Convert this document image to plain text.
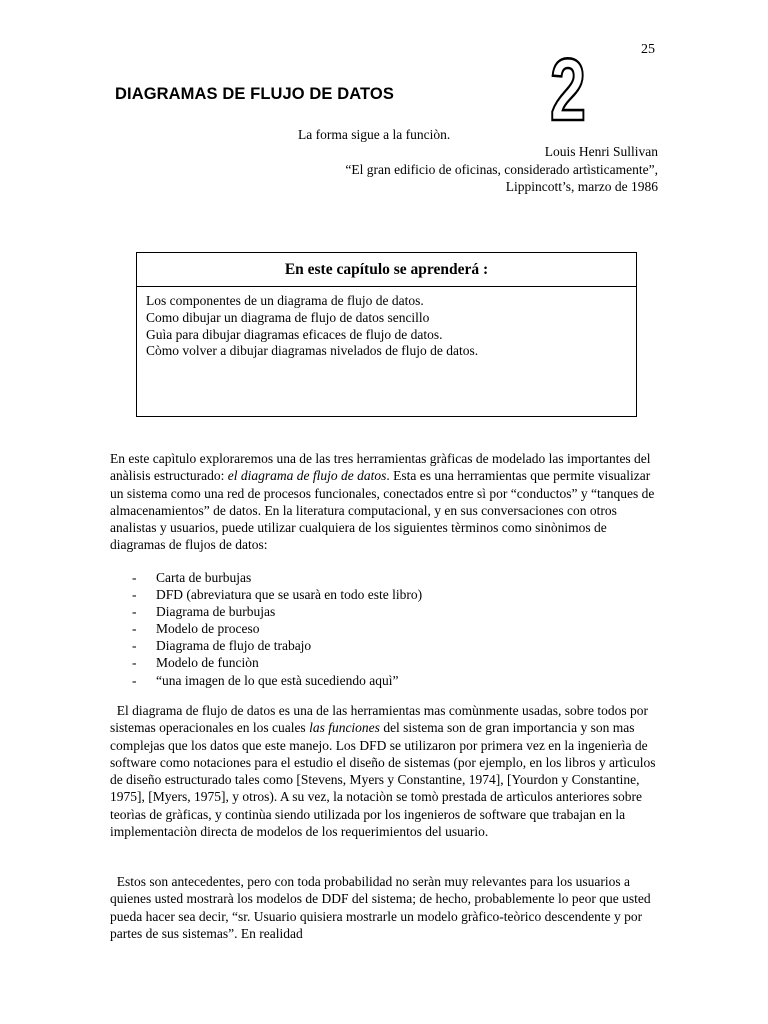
25
2
DIAGRAMAS DE FLUJO DE DATOS
La forma sigue a la funciòn.
Louis Henri Sullivan
“El gran edificio de oficinas, considerado artìsticamente”,
Lippincott’s, marzo de 1986
En este capítulo se aprenderá :
Los componentes de un diagrama de flujo de datos.
Como dibujar un diagrama de flujo de datos sencillo
Guìa para dibujar diagramas eficaces de flujo de datos.
Còmo volver a dibujar diagramas nivelados de flujo de datos.

En este capìtulo exploraremos una de las tres herramientas gràficas de modelado las importantes del anàlisis estructurado: el diagrama de flujo de datos. Esta es una herramientas que permite visualizar un sistema como una red de procesos funcionales, conectados entre sì por “conductos” y “tanques de almacenamientos” de datos. En la literatura computacional, y en sus conversaciones con otros analistas y usuarios, puede utilizar cualquiera de los siguientes tèrminos como sinònimos de diagramas de flujos de datos:

- Carta de burbujas
- DFD (abreviatura que se usarà en todo este libro)
- Diagrama de burbujas
- Modelo de proceso
- Diagrama de flujo de trabajo
- Modelo de funciòn
- “una imagen de lo que està sucediendo aquì”

El diagrama de flujo de datos es una de las herramientas mas comùnmente usadas, sobre todos por sistemas operacionales en los cuales las funciones del sistema son de gran importancia y son mas complejas que los datos que este manejo. Los DFD se utilizaron por primera vez en la ingenierìa de software como notaciones para el estudio el diseño de sistemas (por ejemplo, en los libros y artìculos de diseño estructurado tales como [Stevens, Myers y Constantine, 1974], [Yourdon y Constantine, 1975], [Myers, 1975], y otros). A su vez, la notaciòn se tomò prestada de artìculos anteriores sobre teorìas de gràficas, y continùa siendo utilizada por los ingenieros de software que trabajan en la implementaciòn directa de modelos de los requerimientos del usuario.

Estos son antecedentes, pero con toda probabilidad no seràn muy relevantes para los usuarios a quienes usted mostrarà los modelos de DDF del sistema; de hecho, probablemente lo peor que usted pueda hacer sea decir, “sr. Usuario quisiera mostrarle un modelo gràfico-teòrico descendente y por partes de sus sistemas”. En realidad
